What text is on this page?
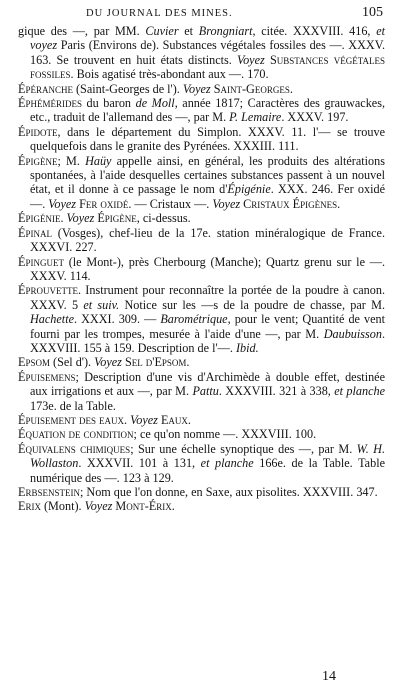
DU JOURNAL DES MINES.	105

gique des —, par MM. Cuvier et Brongniart, citée. XXXVIII. 416, et voyez Paris (Environs de). Substances végétales fossiles des —. XXXV. 163. Se trouvent en huit états distincts. Voyez Substances végétales fossiles. Bois agatisé très-abondant aux —. 170.

Épéranche (Saint-Georges de l'). Voyez Saint-Georges.

Éphémérides du baron de Moll, année 1817; Caractères des grauwackes, etc., traduit de l'allemand des —, par M. P. Lemaire. XXXV. 197.

Épidote, dans le département du Simplon. XXXV. 11. l'— se trouve quelquefois dans le granite des Pyrénées. XXXIII. 111.

Épigène; M. Haüy appelle ainsi, en général, les produits des altérations spontanées, à l'aide desquelles certaines substances passent à un nouvel état, et il donne à ce passage le nom d'Épigénie. XXX. 246. Fer oxidé —. Voyez Fer oxidé. — Cristaux —. Voyez Cristaux Épigènes.

Épigénie. Voyez Épigène, ci-dessus.

Épinal (Vosges), chef-lieu de la 17e. station minéralogique de France. XXXVI. 227.

Épinguet (le Mont-), près Cherbourg (Manche); Quartz grenu sur le —. XXXV. 114.

Éprouvette. Instrument pour reconnaître la portée de la poudre à canon. XXXV. 5 et suiv. Notice sur les —s de la poudre de chasse, par M. Hachette. XXXI. 309. — Barométrique, pour le vent; Quantité de vent fourni par les trompes, mesurée à l'aide d'une —, par M. Daubuisson. XXXVIII. 155 à 159. Description de l'—. Ibid.

Epsom (Sel d'). Voyez Sel d'Epsom.

Épuisemens; Description d'une vis d'Archimède à double effet, destinée aux irrigations et aux —, par M. Pattu. XXXVIII. 321 à 338, et planche 173e. de la Table.

Épuisement des eaux. Voyez Eaux.

Équation de condition; ce qu'on nomme —. XXXVIII. 100.

Équivalens chimiques; Sur une échelle synoptique des —, par M. W. H. Wollaston. XXXVII. 101 à 131, et planche 166e. de la Table. Table numérique des —. 123 à 129.

Erbsenstein; Nom que l'on donne, en Saxe, aux pisolites. XXXVIII. 347.

Erix (Mont). Voyez Mont-Érix.

14
